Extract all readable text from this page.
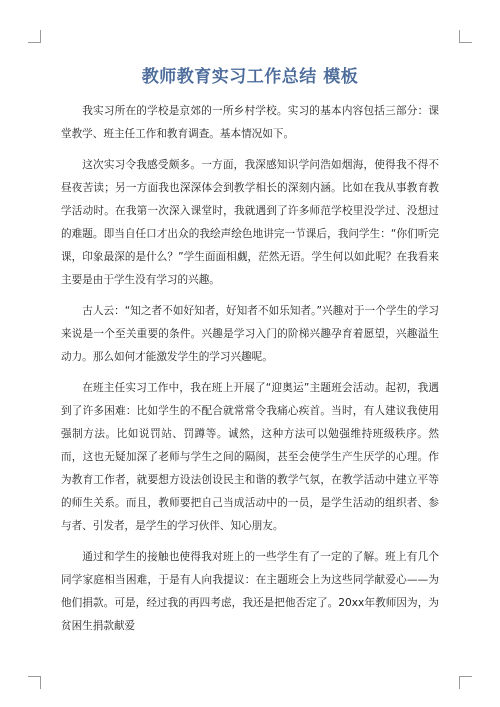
教师教育实习工作总结 模板

我实习所在的学校是京郊的一所乡村学校。实习的基本内容包括三部分：课堂教学、班主任工作和教育调查。基本情况如下。

这次实习令我感受颇多。一方面，我深感知识学问浩如烟海，使得我不得不昼夜苦读；另一方面我也深深体会到教学相长的深刻内涵。比如在我从事教育教学活动时。在我第一次深入课堂时，我就遇到了许多师范学校里没学过、没想过的难题。即当自任口才出众的我绘声绘色地讲完一节课后，我问学生：“你们听完课，印象最深的是什么？”学生面面相觑，茫然无语。学生何以如此呢？在我看来主要是由于学生没有学习的兴趣。

古人云：“知之者不如好知者，好知者不如乐知者。”兴趣对于一个学生的学习来说是一个至关重要的条件。兴趣是学习入门的阶梯兴趣孕育着愿望，兴趣溢生动力。那么如何才能激发学生的学习兴趣呢。

在班主任实习工作中，我在班上开展了“迎奥运”主题班会活动。起初，我遇到了许多困难：比如学生的不配合就常常令我痛心疾首。当时，有人建议我使用强制方法。比如说罚站、罚蹲等。诚然，这种方法可以勉强维持班级秩序。然而，这也无疑加深了老师与学生之间的隔阂，甚至会使学生产生厌学的心理。作为教育工作者，就要想方设法创设民主和谐的教学气氛，在教学活动中建立平等的师生关系。而且，教师要把自己当成活动中的一员，是学生活动的组织者、参与者、引发者，是学生的学习伙伴、知心朋友。

通过和学生的接触也使得我对班上的一些学生有了一定的了解。班上有几个同学家庭相当困难，于是有人向我提议：在主题班会上为这些同学献爱心——为他们捐款。可是，经过我的再四考虑，我还是把他否定了。20xx年教师因为，为贫困生捐款献爱
